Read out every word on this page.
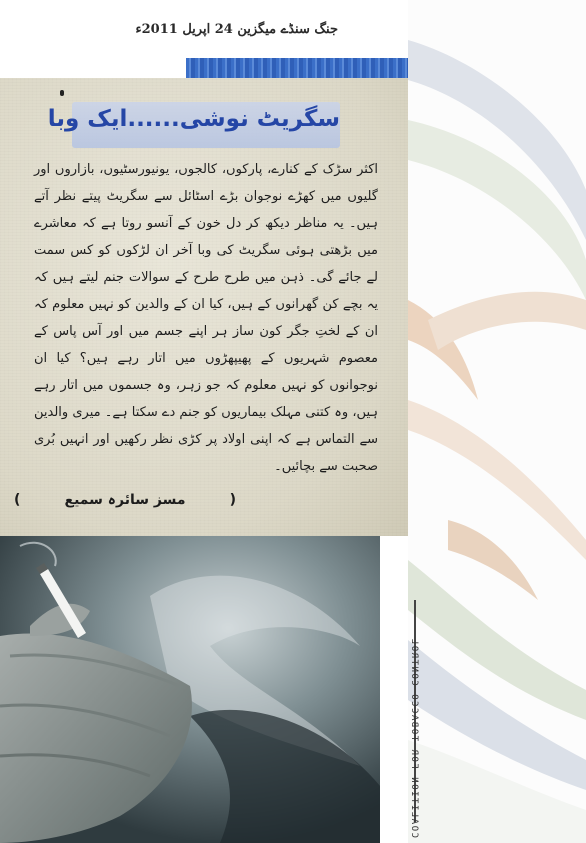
COALITION FOR TOBACCO CONTROL
جنگ سنڈے میگزین 24 اپریل 2011ء
سگریٹ نوشی......ایک وبا
اکثر سڑک کے کنارے، پارکوں، کالجوں، یونیورسٹیوں، بازاروں اور گلیوں میں کھڑے نوجوان بڑے اسٹائل سے سگریٹ پیتے نظر آتے ہیں۔ یہ مناظر دیکھ کر دل خون کے آنسو روتا ہے کہ معاشرے میں بڑھتی ہوئی سگریٹ کی وبا آخر ان لڑکوں کو کس سمت لے جائے گی۔ ذہن میں طرح طرح کے سوالات جنم لیتے ہیں کہ یہ بچے کن گھرانوں کے ہیں، کیا ان کے والدین کو نہیں معلوم کہ ان کے لختِ جگر کون ساز ہر اپنے جسم میں اور آس پاس کے معصوم شہریوں کے پھیپھڑوں میں اتار رہے ہیں؟ کیا ان نوجوانوں کو نہیں معلوم کہ جو زہر، وہ جسموں میں اتار رہے ہیں، وہ کتنی مہلک بیماریوں کو جنم دے سکتا ہے۔ میری والدین سے التماس ہے کہ اپنی اولاد پر کڑی نظر رکھیں اور انہیں بُری صحبت سے بچائیں۔
( مسز سائرہ سمیع )
